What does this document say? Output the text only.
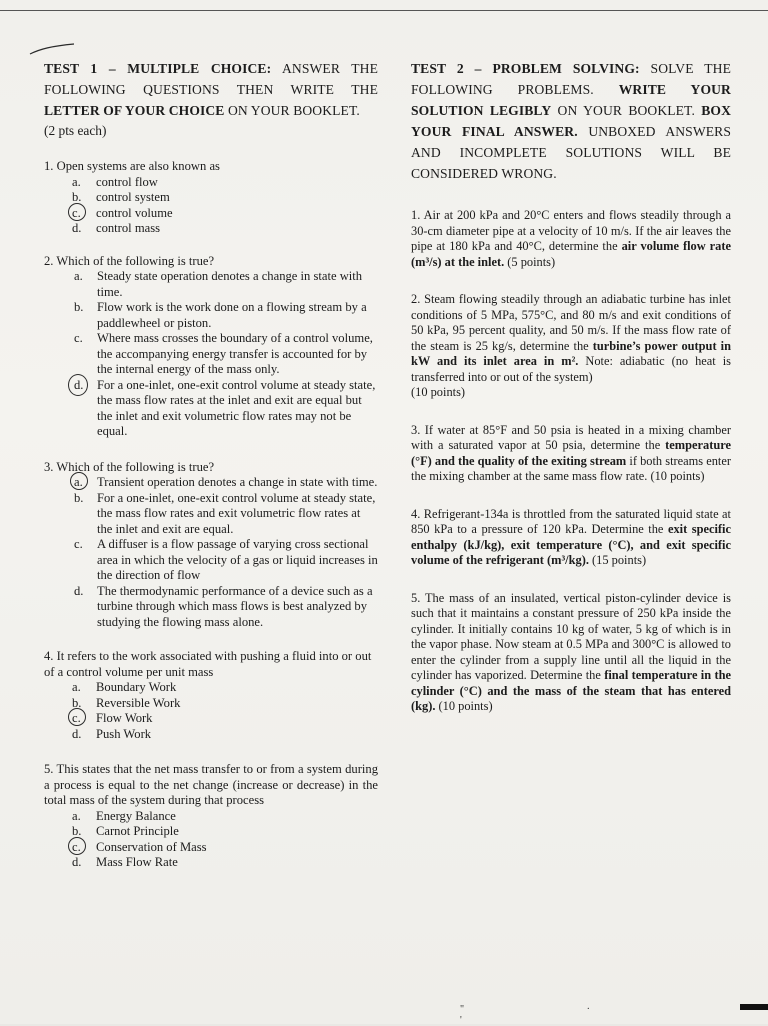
TEST 1 – MULTIPLE CHOICE: ANSWER THE FOLLOWING QUESTIONS THEN WRITE THE LETTER OF YOUR CHOICE ON YOUR BOOKLET.

(2 pts each)

1. Open systems are also known as

a.	control flow
b.	control system
c.	control volume
d.	control mass

2. Which of the following is true?

a.	Steady state operation denotes a change in state with time.
b.	Flow work is the work done on a flowing stream by a paddlewheel or piston.
c.	Where mass crosses the boundary of a control volume, the accompanying energy transfer is accounted for by the internal energy of the mass only.
d.	For a one-inlet, one-exit control volume at steady state, the mass flow rates at the inlet and exit are equal but the inlet and exit volumetric flow rates may not be equal.

3. Which of the following is true?

a.	Transient operation denotes a change in state with time.
b.	For a one-inlet, one-exit control volume at steady state, the mass flow rates and exit volumetric flow rates at the inlet and exit are equal.
c.	A diffuser is a flow passage of varying cross sectional area in which the velocity of a gas or liquid increases in the direction of flow
d.	The thermodynamic performance of a device such as a turbine through which mass flows is best analyzed by studying the flowing mass alone.

4. It refers to the work associated with pushing a fluid into or out of a control volume per unit mass

a.	Boundary Work
b.	Reversible Work
c.	Flow Work
d.	Push Work

5. This states that the net mass transfer to or from a system during a process is equal to the net change (increase or decrease) in the total mass of the system during that process

a.	Energy Balance
b.	Carnot Principle
c.	Conservation of Mass
d.	Mass Flow Rate

TEST 2 – PROBLEM SOLVING: SOLVE THE FOLLOWING PROBLEMS. WRITE YOUR SOLUTION LEGIBLY ON YOUR BOOKLET. BOX YOUR FINAL ANSWER. UNBOXED ANSWERS AND INCOMPLETE SOLUTIONS WILL BE CONSIDERED WRONG.

1. Air at 200 kPa and 20°C enters and flows steadily through a 30-cm diameter pipe at a velocity of 10 m/s. If the air leaves the pipe at 180 kPa and 40°C, determine the air volume flow rate (m³/s) at the inlet. (5 points)

2. Steam flowing steadily through an adiabatic turbine has inlet conditions of 5 MPa, 575°C, and 80 m/s and exit conditions of 50 kPa, 95 percent quality, and 50 m/s. If the mass flow rate of the steam is 25 kg/s, determine the turbine’s power output in kW and its inlet area in m². Note: adiabatic (no heat is transferred into or out of the system)
(10 points)

3. If water at 85°F and 50 psia is heated in a mixing chamber with a saturated vapor at 50 psia, determine the temperature (°F) and the quality of the exiting stream if both streams enter the mixing chamber at the same mass flow rate. (10 points)

4. Refrigerant-134a is throttled from the saturated liquid state at 850 kPa to a pressure of 120 kPa. Determine the exit specific enthalpy (kJ/kg), exit temperature (°C), and exit specific volume of the refrigerant (m³/kg). (15 points)

5. The mass of an insulated, vertical piston-cylinder device is such that it maintains a constant pressure of 250 kPa inside the cylinder. It initially contains 10 kg of water, 5 kg of which is in the vapor phase. Now steam at 0.5 MPa and 300°C is allowed to enter the cylinder from a supply line until all the liquid in the cylinder has vaporized. Determine the final temperature in the cylinder (°C) and the mass of the steam that has entered (kg). (10 points)

" · '
